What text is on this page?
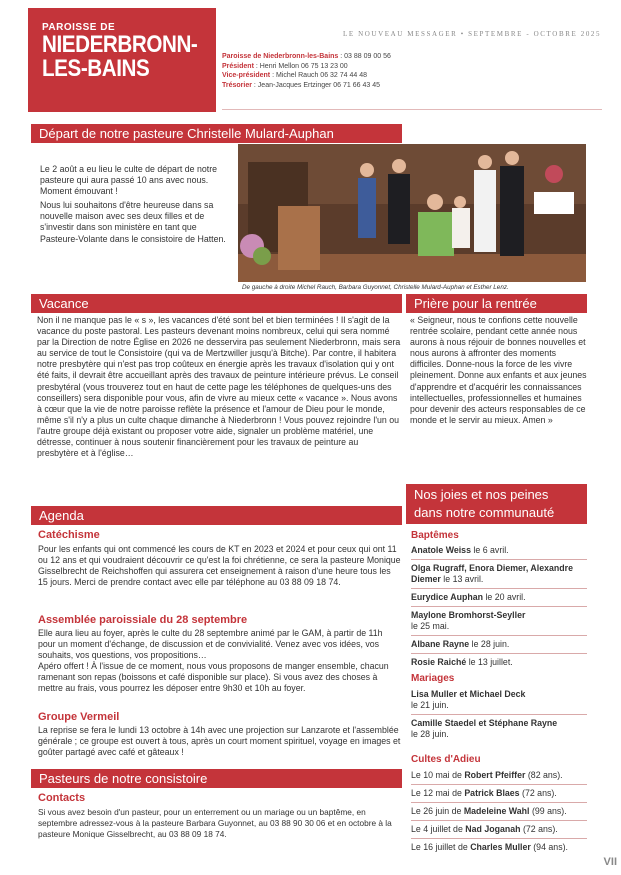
PAROISSE DE
NIEDERBRONN-
LES-BAINS
LE NOUVEAU MESSAGER • SEPTEMBRE - OCTOBRE 2025
Paroisse de Niederbronn-les-Bains : 03 88 09 00 56
Président : Henri Mellon 06 75 13 23 00
Vice-président : Michel Rauch 06 32 74 44 48
Trésorier : Jean-Jacques Ertzinger 06 71 66 43 45
Départ de notre pasteure Christelle Mulard-Auphan

Le 2 août a eu lieu le culte de départ de notre pasteure qui aura passé 10 ans avec nous. Moment émouvant !

Nous lui souhaitons d'être heureuse dans sa nouvelle maison avec ses deux filles et de s'investir dans son ministère en tant que Pasteure-Volante dans le consistoire de Hatten.

De gauche à droite Michel Rauch, Barbara Guyonnet, Christelle Mulard-Auphan et Esther Lenz.
Vacance
Non il ne manque pas le « s », les vacances d'été sont bel et bien terminées ! Il s'agit de la vacance du poste pastoral. Les pasteurs devenant moins nombreux, celui qui sera nommé par la Direction de notre Église en 2026 ne desservira pas seulement Niederbronn, mais sera au service de tout le Consistoire (qui va de Mertzwiller jusqu'à Bitche). Par contre, il habitera notre presbytère qui n'est pas trop coûteux en énergie après les travaux d'isolation qui y ont été faits, il devrait être accueillant après des travaux de peinture intérieure prévus. Le conseil presbytéral (vous trouverez tout en haut de cette page les téléphones de quelques-uns des conseillers) sera disponible pour vous, afin de vivre au mieux cette « vacance ». Nous avons à cœur que la vie de notre paroisse reflète la présence et l'amour de Dieu pour le monde, même s'il n'y a plus un culte chaque dimanche à Niederbronn ! Vous pouvez rejoindre l'un ou l'autre groupe déjà existant ou proposer votre aide, signaler un problème matériel, une détresse, continuer à nous soutenir financièrement pour les travaux de peinture au presbytère et à l'église…
Prière pour la rentrée
« Seigneur, nous te confions cette nouvelle rentrée scolaire, pendant cette année nous aurons à nous réjouir de bonnes nouvelles et nous aurons à affronter des moments difficiles. Donne-nous la force de les vivre pleinement. Donne aux enfants et aux jeunes d'apprendre et d'acquérir les connaissances intellectuelles, professionnelles et humaines pour devenir des acteurs responsables de ce monde et le servir au mieux. Amen »
Agenda
Catéchisme
Pour les enfants qui ont commencé les cours de KT en 2023 et 2024 et pour ceux qui ont 11 ou 12 ans et qui voudraient découvrir ce qu'est la foi chrétienne, ce sera la pasteure Monique Gisselbrecht de Reichshoffen qui assurera cet enseignement à raison d'une heure tous les 15 jours. Merci de prendre contact avec elle par téléphone au 03 88 09 18 74.
Assemblée paroissiale du 28 septembre

Elle aura lieu au foyer, après le culte du 28 septembre animé par le GAM, à partir de 11h pour un moment d'échange, de discussion et de convivialité. Venez avec vos idées, vos souhaits, vos questions, vos propositions…

Apéro offert ! À l'issue de ce moment, nous vous proposons de manger ensemble, chacun ramenant son repas (boissons et café disponible sur place). Si vous avez des choses à mettre au frais, vous pourrez les déposer entre 9h30 et 10h au foyer.

Groupe Vermeil
La reprise se fera le lundi 13 octobre à 14h avec une projection sur Lanzarote et l'assemblée générale ; ce groupe est ouvert à tous, après un court moment spirituel, voyage en images et goûter partagé avec café et gâteaux !
Pasteurs de notre consistoire
Contacts
Si vous avez besoin d'un pasteur, pour un enterrement ou un mariage ou un baptême, en septembre adressez-vous à la pasteure Barbara Guyonnet, au 03 88 90 30 06 et en octobre à la pasteure Monique Gisselbrecht, au 03 88 09 18 74.
Nos joies et nos peines
dans notre communauté
Baptêmes
Anatole Weiss le 6 avril.
Olga Rugraff, Enora Diemer, Alexandre Diemer le 13 avril.
Eurydice Auphan le 20 avril.
Maylone Bromhorst-Seyller
le 25 mai.
Albane Rayne le 28 juin.
Rosie Raiché le 13 juillet.
Mariages
Lisa Muller et Michael Deck
le 21 juin.
Camille Staedel et Stéphane Rayne
le 28 juin.
Cultes d'Adieu
Le 10 mai de Robert Pfeiffer (82 ans).
Le 12 mai de Patrick Blaes (72 ans).
Le 26 juin de Madeleine Wahl (99 ans).
Le 4 juillet de Nad Joganah (72 ans).
Le 16 juillet de Charles Muller (94 ans).
VII
